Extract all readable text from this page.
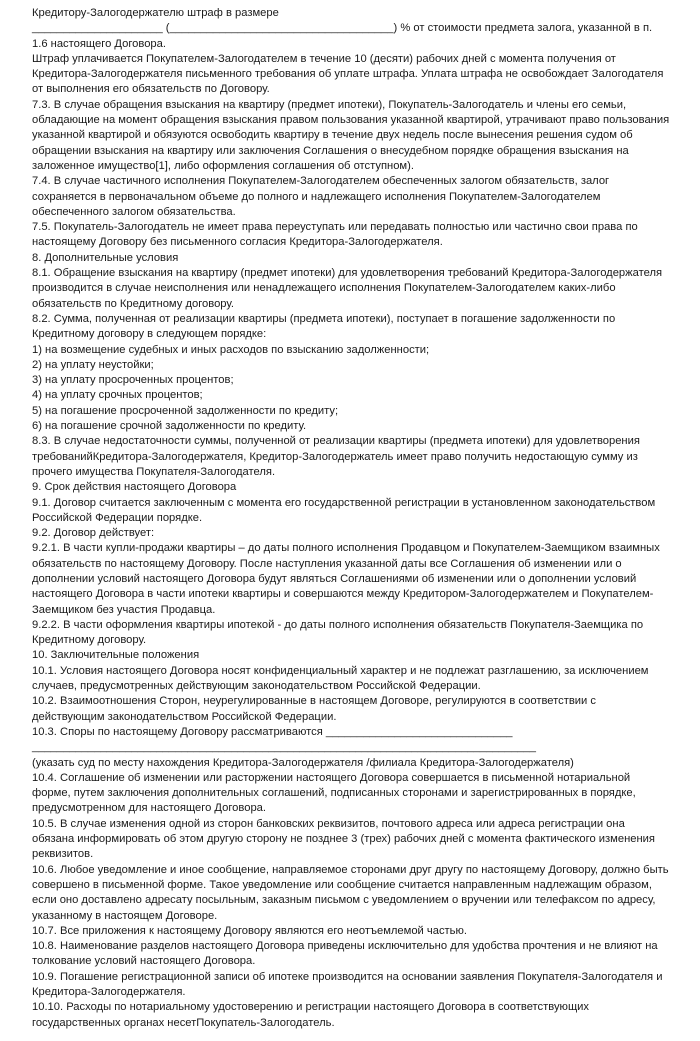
Кредитору-Залогодержателю штраф в размере

_____________________ (____________________________________) % от стоимости предмета залога, указанной в п. 1.6 настоящего Договора.

Штраф уплачивается Покупателем-Залогодателем в течение 10 (десяти) рабочих дней с момента получения от Кредитора-Залогодержателя письменного требования об уплате штрафа. Уплата штрафа не освобождает Залогодателя от выполнения его обязательств по Договору.

7.3. В случае обращения взыскания на квартиру (предмет ипотеки), Покупатель-Залогодатель и члены его семьи, обладающие на момент обращения взыскания правом пользования указанной квартирой, утрачивают право пользования указанной квартирой и обязуются освободить квартиру в течение двух недель после вынесения решения судом об обращении взыскания на квартиру или заключения Соглашения о внесудебном порядке обращения взыскания на заложенное имущество[1], либо оформления соглашения об отступном).

7.4. В случае частичного исполнения Покупателем-Залогодателем обеспеченных залогом обязательств, залог сохраняется в первоначальном объеме до полного и надлежащего исполнения Покупателем-Залогодателем обеспеченного залогом обязательства.

7.5. Покупатель-Залогодатель не имеет права переуступать или передавать полностью или частично свои права по настоящему Договору без письменного согласия Кредитора-Залогодержателя.

8. Дополнительные условия

8.1. Обращение взыскания на квартиру (предмет ипотеки) для удовлетворения требований Кредитора-Залогодержателя производится в случае неисполнения или ненадлежащего исполнения Покупателем-Залогодателем каких-либо обязательств по Кредитному договору.

8.2. Сумма, полученная от реализации квартиры (предмета ипотеки), поступает в погашение задолженности по Кредитному договору в следующем порядке:

1) на возмещение судебных и иных расходов по взысканию задолженности;

2) на уплату неустойки;

3) на уплату просроченных процентов;

4) на уплату срочных процентов;

5) на погашение просроченной задолженности по кредиту;

6) на погашение срочной задолженности по кредиту.

8.3. В случае недостаточности суммы, полученной от реализации квартиры (предмета ипотеки) для удовлетворения требованийКредитора-Залогодержателя, Кредитор-Залогодержатель имеет право получить недостающую сумму из прочего имущества Покупателя-Залогодателя.

9. Срок действия настоящего Договора

9.1. Договор считается заключенным с момента его государственной регистрации в установленном законодательством Российской Федерации порядке.

9.2. Договор действует:

9.2.1. В части купли-продажи квартиры – до даты полного исполнения Продавцом и Покупателем-Заемщиком взаимных обязательств по настоящему Договору. После наступления указанной даты все Соглашения об изменении или о дополнении условий настоящего Договора будут являться Соглашениями об изменении или о дополнении условий настоящего Договора в части ипотеки квартиры и совершаются между Кредитором-Залогодержателем и Покупателем-Заемщиком без участия Продавца.

9.2.2. В части оформления квартиры ипотекой - до даты полного исполнения обязательств Покупателя-Заемщика по Кредитному договору.

10. Заключительные положения

10.1. Условия настоящего Договора носят конфиденциальный характер и не подлежат разглашению, за исключением случаев, предусмотренных действующим законодательством Российской Федерации.

10.2. Взаимоотношения Сторон, неурегулированные в настоящем Договоре, регулируются в соответствии с действующим законодательством Российской Федерации.

10.3. Споры по настоящему Договору рассматриваются ______________________________

_________________________________________________________________________________

(указать суд по месту нахождения Кредитора-Залогодержателя /филиала Кредитора-Залогодержателя)

10.4. Соглашение об изменении или расторжении настоящего Договора совершается в письменной нотариальной форме, путем заключения дополнительных соглашений, подписанных сторонами и зарегистрированных в порядке, предусмотренном для настоящего Договора.

10.5. В случае изменения одной из сторон банковских реквизитов, почтового адреса или адреса регистрации она обязана информировать об этом другую сторону не позднее 3 (трех) рабочих дней с момента фактического изменения реквизитов.

10.6. Любое уведомление и иное сообщение, направляемое сторонами друг другу по настоящему Договору, должно быть совершено в письменной форме. Такое уведомление или сообщение считается направленным надлежащим образом, если оно доставлено адресату посыльным, заказным письмом с уведомлением о вручении или телефаксом по адресу, указанному в настоящем Договоре.

10.7. Все приложения к настоящему Договору являются его неотъемлемой частью.

10.8. Наименование разделов настоящего Договора приведены исключительно для удобства прочтения и не влияют на толкование условий настоящего Договора.

10.9. Погашение регистрационной записи об ипотеке производится на основании заявления Покупателя-Залогодателя и Кредитора-Залогодержателя.

10.10. Расходы по нотариальному удостоверению и регистрации настоящего Договора в соответствующих государственных органах несетПокупатель-Залогодатель.
